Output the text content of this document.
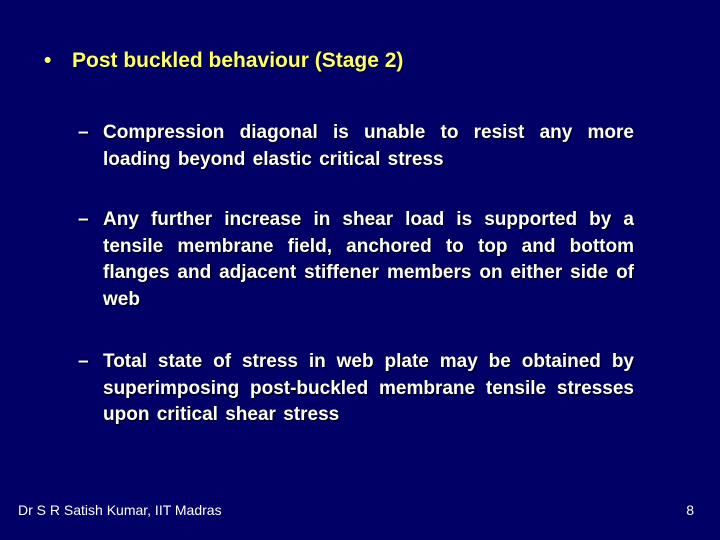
• Post buckled behaviour (Stage 2)
– Compression diagonal is unable to resist any more loading beyond elastic critical stress
– Any further increase in shear load is supported by a tensile membrane field, anchored to top and bottom flanges and adjacent stiffener members on either side of web
– Total state of stress in web plate may be obtained by superimposing post-buckled membrane tensile stresses upon critical shear stress
Dr S R Satish Kumar, IIT Madras	8
